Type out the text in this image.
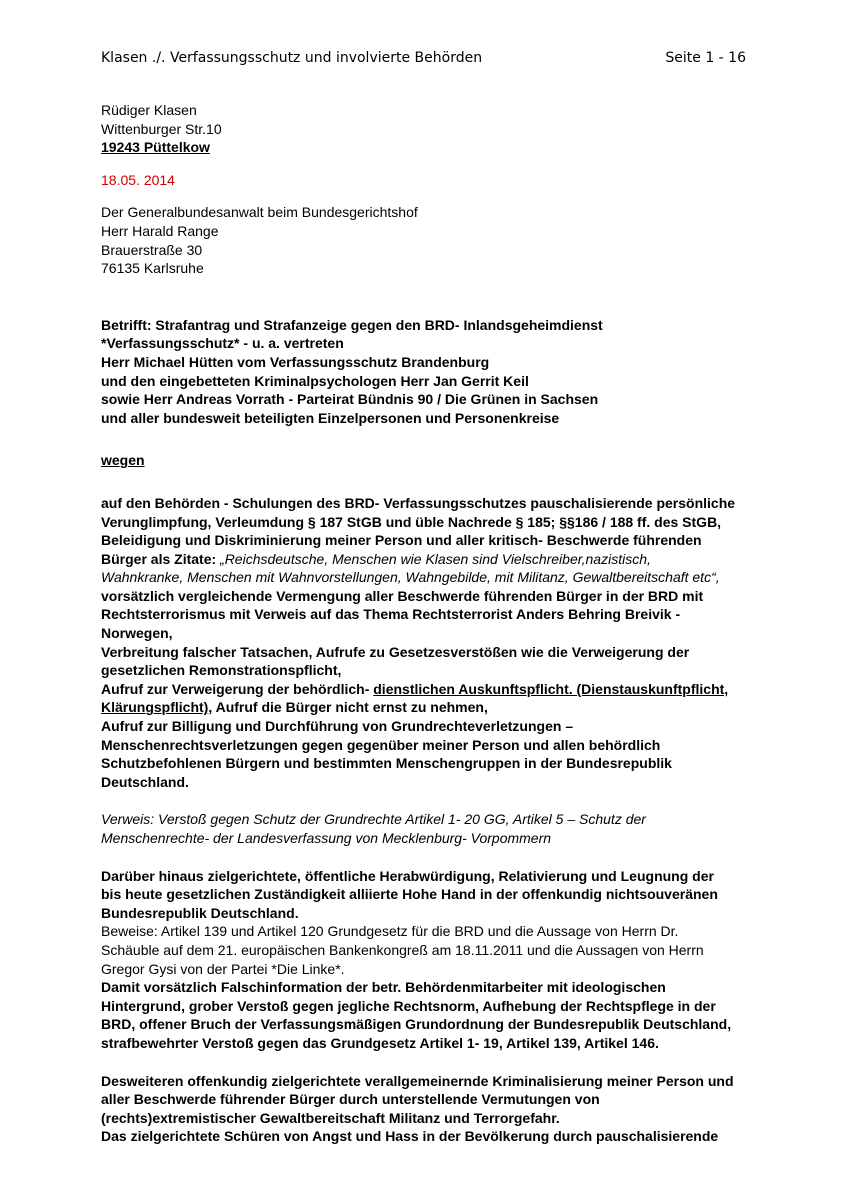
Klasen ./. Verfassungsschutz und involvierte Behörden	Seite 1 - 16
Rüdiger Klasen
Wittenburger Str.10
19243 Püttelkow
18.05. 2014
Der Generalbundesanwalt beim Bundesgerichtshof
Herr Harald Range
Brauerstraße 30
76135 Karlsruhe
Betrifft: Strafantrag und Strafanzeige gegen den BRD- Inlandsgeheimdienst
*Verfassungsschutz* - u. a. vertreten
Herr Michael Hütten vom Verfassungsschutz Brandenburg
und den eingebetteten Kriminalpsychologen Herr Jan Gerrit Keil
sowie Herr Andreas Vorrath - Parteirat Bündnis 90 / Die Grünen in Sachsen
und aller bundesweit beteiligten Einzelpersonen und Personenkreise
wegen
auf den Behörden - Schulungen des BRD- Verfassungsschutzes pauschalisierende persönliche
Verunglimpfung, Verleumdung § 187 StGB und üble Nachrede § 185; §§186 / 188 ff. des StGB,
Beleidigung und Diskriminierung meiner Person und aller kritisch- Beschwerde führenden
Bürger als Zitate: „Reichsdeutsche, Menschen wie Klasen sind Vielschreiber,nazistisch,
Wahnkranke, Menschen mit Wahnvorstellungen, Wahngebilde, mit Militanz, Gewaltbereitschaft etc“,
vorsätzlich vergleichende Vermengung aller Beschwerde führenden Bürger in der BRD mit
Rechtsterrorismus mit Verweis auf das Thema Rechtsterrorist Anders Behring Breivik -
Norwegen,
Verbreitung falscher Tatsachen, Aufrufe zu Gesetzesverstößen wie die Verweigerung der
gesetzlichen Remonstrationspflicht,
Aufruf zur Verweigerung der behördlich- dienstlichen Auskunftspflicht. (Dienstauskunftpflicht,
Klärungspflicht), Aufruf die Bürger nicht ernst zu nehmen,
Aufruf zur Billigung und Durchführung von Grundrechteverletzungen –
Menschenrechtsverletzungen gegen gegenüber meiner Person und allen behördlich
Schutzbefohlenen Bürgern und bestimmten Menschengruppen in der Bundesrepublik
Deutschland.
Verweis: Verstoß gegen Schutz der Grundrechte Artikel 1- 20 GG, Artikel 5 – Schutz der
Menschenrechte- der Landesverfassung von Mecklenburg- Vorpommern
Darüber hinaus zielgerichtete, öffentliche Herabwürdigung, Relativierung und Leugnung der
bis heute gesetzlichen Zuständigkeit alliierte Hohe Hand in der offenkundig nichtsouveränen
Bundesrepublik Deutschland.
Beweise: Artikel 139 und Artikel 120 Grundgesetz für die BRD und die Aussage von Herrn Dr.
Schäuble auf dem 21. europäischen Bankenkongreß am 18.11.2011 und die Aussagen von Herrn
Gregor Gysi von der Partei *Die Linke*.
Damit vorsätzlich Falschinformation der betr. Behördenmitarbeiter mit ideologischen
Hintergrund, grober Verstoß gegen jegliche Rechtsnorm, Aufhebung der Rechtspflege in der
BRD, offener Bruch der Verfassungsmäßigen Grundordnung der Bundesrepublik Deutschland,
strafbewehrter Verstoß gegen das Grundgesetz Artikel 1- 19, Artikel 139, Artikel 146.
Desweiteren offenkundig zielgerichtete verallgemeinernde Kriminalisierung meiner Person und
aller Beschwerde führender Bürger durch unterstellende Vermutungen von
(rechts)extremistischer Gewaltbereitschaft Militanz und Terrorgefahr.
Das zielgerichtete Schüren von Angst und Hass in der Bevölkerung durch pauschalisierende
